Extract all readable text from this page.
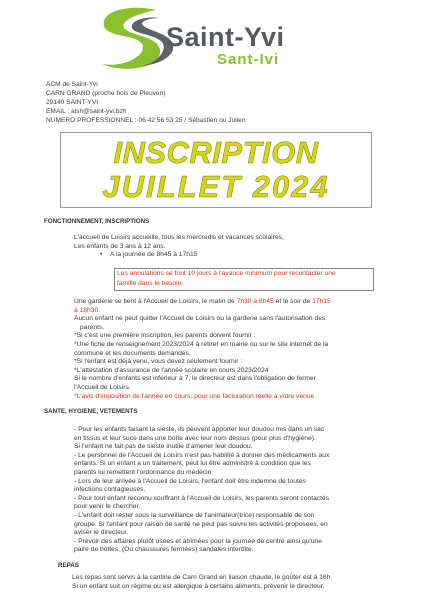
Saint-Yvi
Sant-Ivi
ACM de Saint-Yvi
CARN GRAND (proche bois de Pleuven)
29140 SAINT-YVI
EMAIL : alsh@saint-yvi.bzh
NUMERO PROFESSIONNEL : 06 42 56 53 25 / Sébastien ou Julien
INSCRIPTION
JUILLET 2024
FONCTIONNEMENT, INSCRIPTIONS
L'accueil de Loisirs accueille, tous les mercredis et vacances scolaires,
Les enfants de 3 ans à 12 ans.
• A la journée de 8h45 à 17h15
Les annulations se font 10 jours à l'avance minimum pour recontacter une
famille dans le besoin.
Une garderie se tient à l'Accueil de Loisirs, le matin de 7h30 à 8h45 et le soir de 17h15
à 18h30.
Aucun enfant ne peut quitter l'Accueil de Loisirs ou la garderie sans l'autorisation des
parents.
*Si c'est une première inscription, les parents doivent fournir :
*Une fiche de renseignement 2023/2024 à retirer en mairie ou sur le site internet de la
commune et les documents demandés.
*Si l'enfant est déjà venu, vous devez seulement fournir :
*L'attestation d'assurance de l'année scolaire en cours 2023/2024
Si le nombre d'enfants est inférieur à 7, le directeur est dans l'obligation de fermer
l'Accueil de Loisirs.
*L'avis d'imposition de l'année en cours, pour une facturation réelle à votre venue
SANTE, HYGIENE, VETEMENTS
- Pour les enfants faisant la sieste, ils peuvent apporter leur doudou mis dans un sac
en tissus et leur suce dans une boîte avec leur nom dessus (pour plus d'hygiène).
Si l'enfant ne fait pas de sieste inutile d'amener leur doudou.
- Le personnel de l'Accueil de Loisirs n'est pas habilité à donner des médicaments aux
enfants. Si un enfant a un traitement, peut lui être administré à condition que les
parents lui remettent l'ordonnance du médecin
- Lors de leur arrivée à l'Accueil de Loisirs, l'enfant doit être indemne de toutes
infections contagieuses.
- Pour tout enfant reconnu souffrant à l'Accueil de Loisirs, les parents seront contactés
pour venir le chercher.
- L'enfant doit rester sous la surveillance de l'animateur(trice) responsable de son
groupe. Si l'enfant pour raison de santé ne peut pas suivre les activités proposées, en
aviser le directeur.
- Prévoir des affaires plutôt usées et abîmées pour la journée de centre ainsi qu'une
paire de bottes. (Ou chaussures fermées) sandales interdite.
REPAS
Les repas sont servis à la cantine de Carn Grand en liaison chaude, le goûter est à 16h
Si un enfant suit un régime ou est allergique à certains aliments, prévenir le directeur.
